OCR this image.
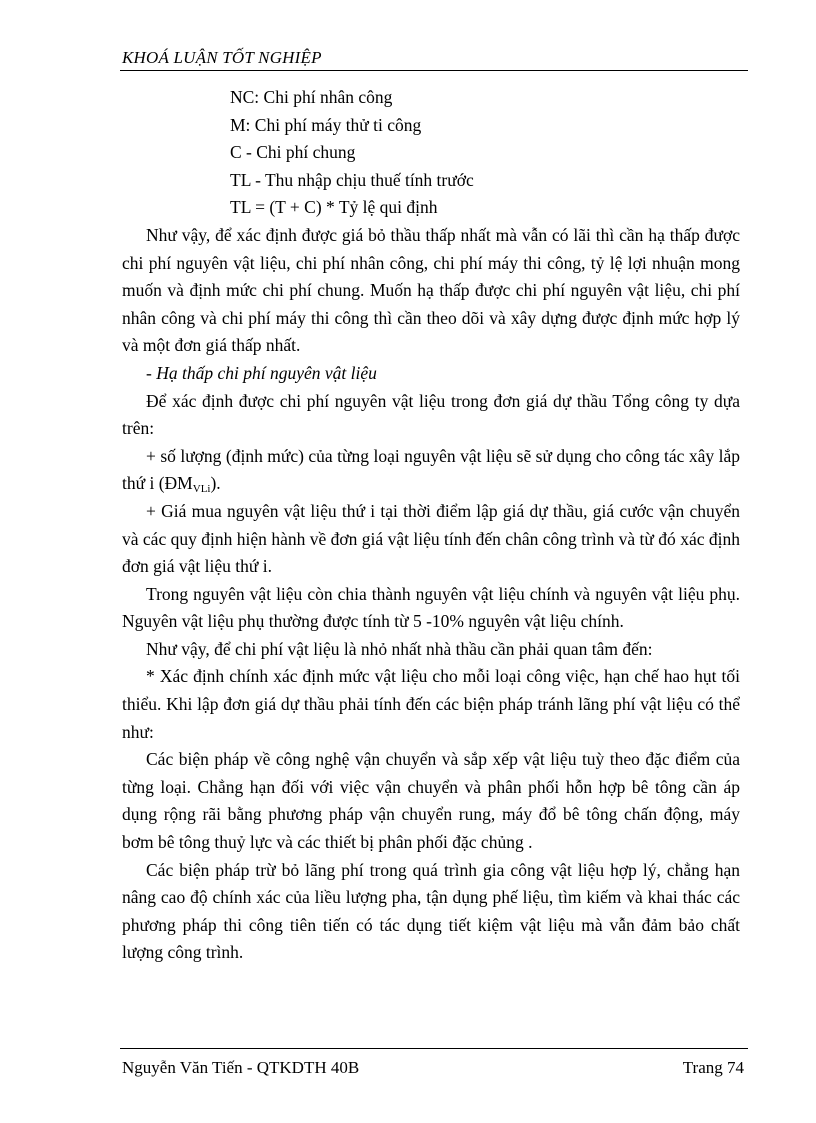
KHOÁ LUẬN TỐT NGHIỆP

NC: Chi phí nhân công

M: Chi phí máy thử ti công

C - Chi phí chung

TL - Thu nhập chịu thuế tính trước

TL = (T + C) * Tỷ lệ qui định

Như vậy, để xác định được giá bỏ thầu thấp nhất mà vẫn có lãi thì cần hạ thấp được chi phí nguyên vật liệu, chi phí nhân công, chi phí máy thi công, tỷ lệ lợi nhuận mong muốn và định mức chi phí chung. Muốn hạ thấp được chi phí nguyên vật liệu, chi phí nhân công và chi phí máy thi công thì cần theo dõi và xây dựng được định mức hợp lý và một đơn giá thấp nhất.

- Hạ thấp chi phí nguyên vật liệu

Để xác định được chi phí nguyên vật liệu trong đơn giá dự thầu Tổng công ty dựa trên:

+ số lượng (định mức) của từng loại nguyên vật liệu sẽ sử dụng cho công tác xây lắp thứ i $(ĐM_{VLi})$.

+ Giá mua nguyên vật liệu thứ i tại thời điểm lập giá dự thầu, giá cước vận chuyển và các quy định hiện hành về đơn giá vật liệu tính đến chân công trình và từ đó xác định đơn giá vật liệu thứ i.

Trong nguyên vật liệu còn chia thành nguyên vật liệu chính và nguyên vật liệu phụ. Nguyên vật liệu phụ thường được tính từ 5 -10% nguyên vật liệu chính.

Như vậy, để chi phí vật liệu là nhỏ nhất nhà thầu cần phải quan tâm đến:

* Xác định chính xác định mức vật liệu cho mỗi loại công việc, hạn chế hao hụt tối thiểu. Khi lập đơn giá dự thầu phải tính đến các biện pháp tránh lãng phí vật liệu có thể như:

Các biện pháp về công nghệ vận chuyển và sắp xếp vật liệu tuỳ theo đặc điểm của từng loại. Chẳng hạn đối với việc vận chuyển và phân phối hỗn hợp bê tông cần áp dụng rộng rãi bằng phương pháp vận chuyển rung, máy đổ bê tông chấn động, máy bơm bê tông thuỷ lực và các thiết bị phân phối đặc chủng .

Các biện pháp trừ bỏ lãng phí trong quá trình gia công vật liệu hợp lý, chẳng hạn nâng cao độ chính xác của liều lượng pha, tận dụng phế liệu, tìm kiếm và khai thác các phương pháp thi công tiên tiến có tác dụng tiết kiệm vật liệu mà vẫn đảm bảo chất lượng công trình.

Nguyễn Văn Tiến - QTKDTH 40B	Trang 74
